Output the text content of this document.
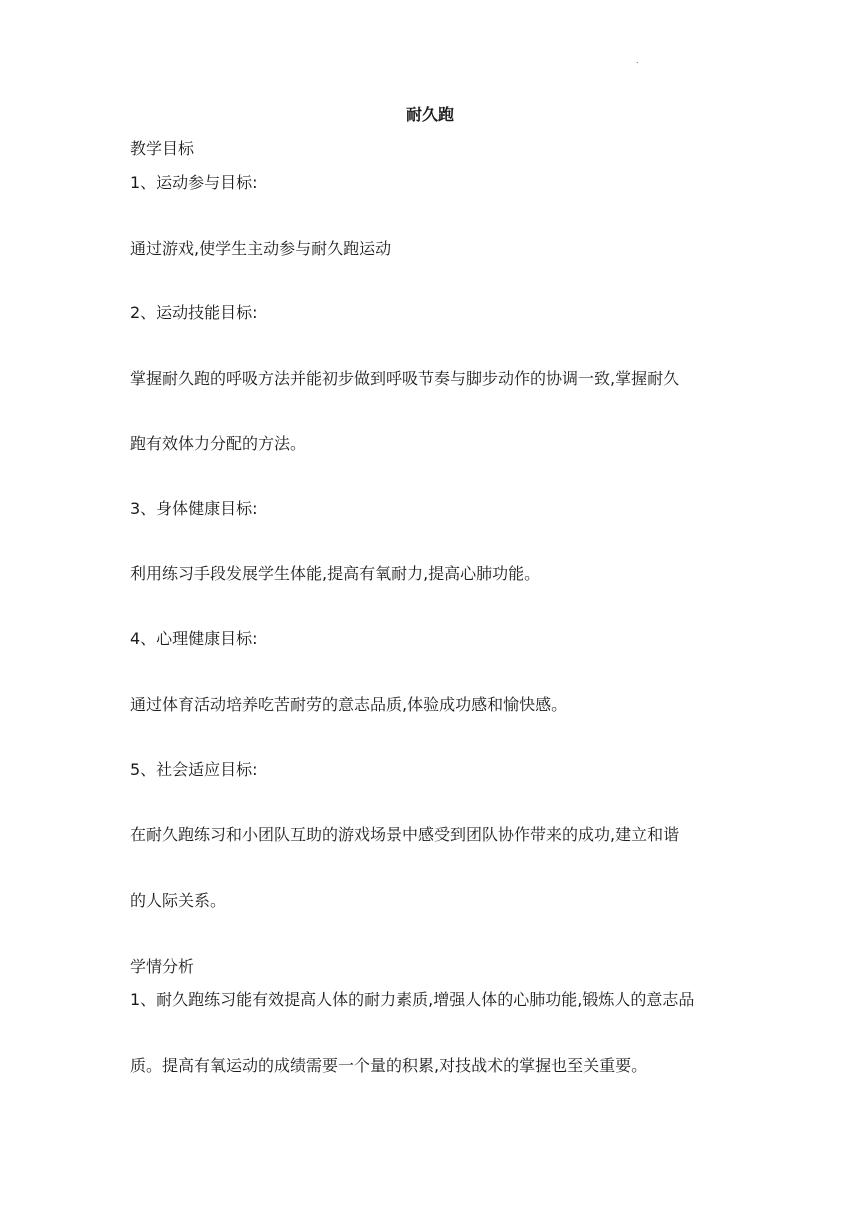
.
耐久跑
教学目标
1、运动参与目标:
通过游戏,使学生主动参与耐久跑运动
2、运动技能目标:
掌握耐久跑的呼吸方法并能初步做到呼吸节奏与脚步动作的协调一致,掌握耐久
跑有效体力分配的方法。
3、身体健康目标:
利用练习手段发展学生体能,提高有氧耐力,提高心肺功能。
4、心理健康目标:
通过体育活动培养吃苦耐劳的意志品质,体验成功感和愉快感。
5、社会适应目标:
在耐久跑练习和小团队互助的游戏场景中感受到团队协作带来的成功,建立和谐
的人际关系。
学情分析
1、耐久跑练习能有效提高人体的耐力素质,增强人体的心肺功能,锻炼人的意志品
质。提高有氧运动的成绩需要一个量的积累,对技战术的掌握也至关重要。
